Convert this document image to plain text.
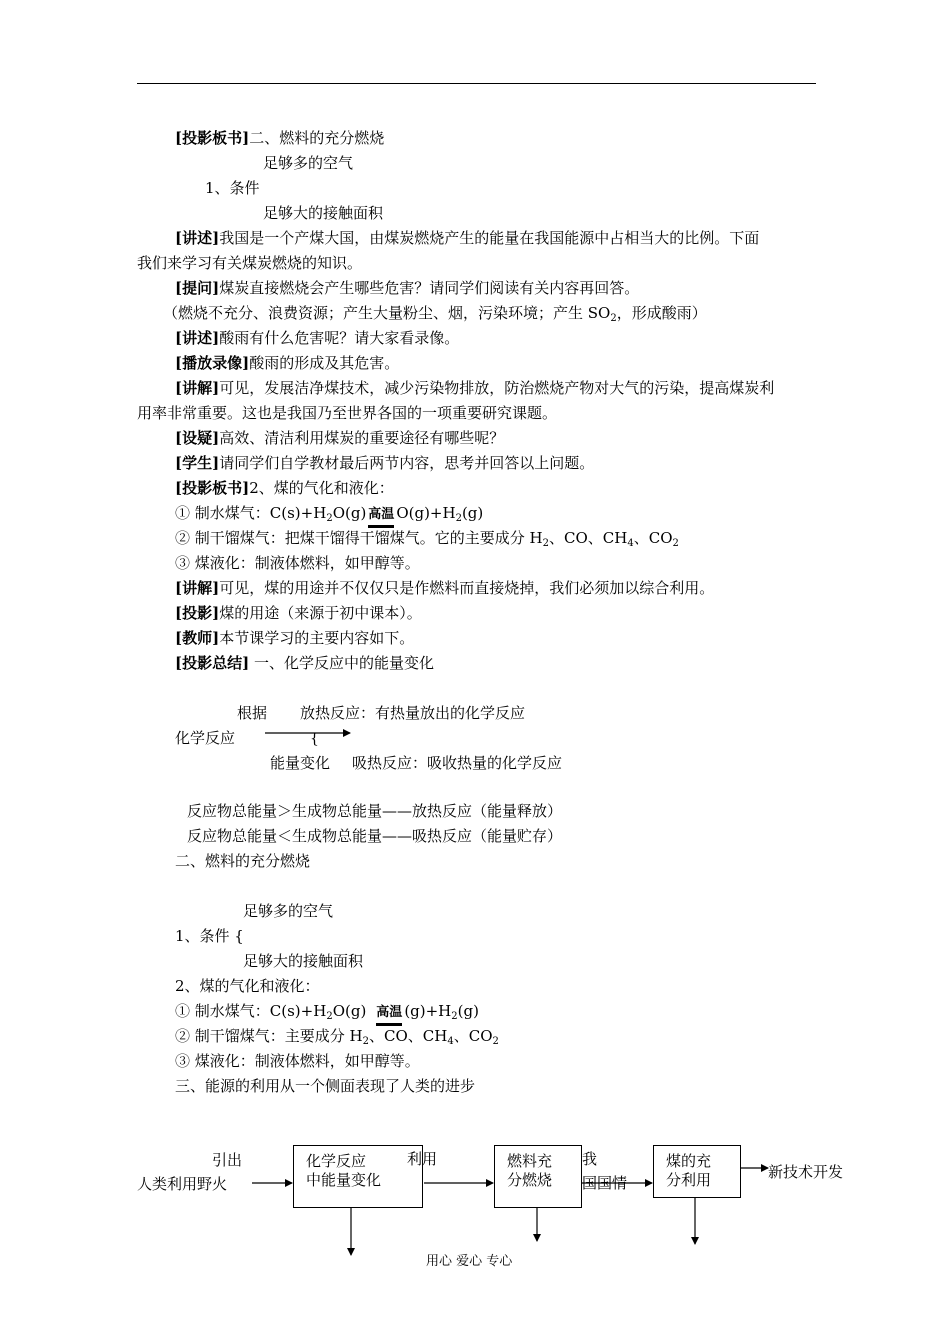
[投影板书]二、燃料的充分燃烧
足够多的空气
1、条件
足够大的接触面积
[讲述]我国是一个产煤大国，由煤炭燃烧产生的能量在我国能源中占相当大的比例。下面
我们来学习有关煤炭燃烧的知识。
[提问]煤炭直接燃烧会产生哪些危害？请同学们阅读有关内容再回答。
（燃烧不充分、浪费资源；产生大量粉尘、烟，污染环境；产生 $SO_2$，形成酸雨）
[讲述]酸雨有什么危害呢？请大家看录像。
[播放录像]酸雨的形成及其危害。
[讲解]可见，发展洁净煤技术，减少污染物排放，防治燃烧产物对大气的污染，提高煤炭利
用率非常重要。这也是我国乃至世界各国的一项重要研究课题。
[设疑]高效、清洁利用煤炭的重要途径有哪些呢？
[学生]请同学们自学教材最后两节内容，思考并回答以上问题。
[投影板书]2、煤的气化和液化：
① 制水煤气：$C(s)+H_2O(g)$ 高温 $O(g)+H_2(g)$
② 制干馏煤气：把煤干馏得干馏煤气。它的主要成分 $H_2$、CO、$CH_4$、$CO_2$
③ 煤液化：制液体燃料，如甲醇等。
[讲解]可见，煤的用途并不仅仅只是作燃料而直接烧掉，我们必须加以综合利用。
[投影]煤的用途（来源于初中课本）。
[教师]本节课学习的主要内容如下。
[投影总结] 一、化学反应中的能量变化
根据 放热反应：有热量放出的化学反应
化学反应	{
能量变化 吸热反应：吸收热量的化学反应
反应物总能量＞生成物总能量——放热反应（能量释放）
反应物总能量＜生成物总能量——吸热反应（能量贮存）
二、燃料的充分燃烧
足够多的空气
1、条件 {
足够大的接触面积
2、煤的气化和液化：
① 制水煤气：$C(s)+H_2O(g)$ 高温 $(g)+H_2(g)$
② 制干馏煤气：主要成分 $H_2$、CO、$CH_4$、$CO_2$
③ 煤液化：制液体燃料，如甲醇等。
三、能源的利用从一个侧面表现了人类的进步
引出
人类利用野火
化学反应
中能量变化
利用	燃料充
分燃烧
我
国国情
煤的充
分利用	新技术开发
用心 爱心 专心
